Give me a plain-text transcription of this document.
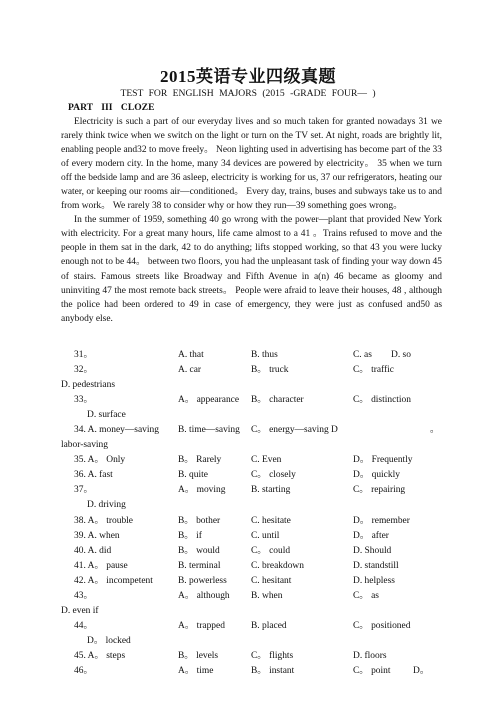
2015英语专业四级真题
TEST FOR ENGLISH MAJORS (2015 -GRADE FOUR— )
PART III CLOZE

Electricity is such a part of our everyday lives and so much taken for granted nowadays 31 we rarely think twice when we switch on the light or turn on the TV set. At night, roads are brightly lit, enabling people and32 to move freely。 Neon lighting used in advertising has become part of the 33 of every modern city. In the home, many 34 devices are powered by electricity。 35 when we turn off the bedside lamp and are 36 asleep, electricity is working for us, 37 our refrigerators, heating our water, or keeping our rooms air—conditioned。 Every day, trains, buses and subways take us to and from work。 We rarely 38 to consider why or how they run—39 something goes wrong。

In the summer of 1959, something 40 go wrong with the power—plant that provided New York with electricity. For a great many hours, life came almost to a 41 。Trains refused to move and the people in them sat in the dark, 42 to do anything; lifts stopped working, so that 43 you were lucky enough not to be 44。 between two floors, you had the unpleasant task of finding your way down 45 of stairs. Famous streets like Broadway and Fifth Avenue in a(n) 46 became as gloomy and uninviting 47 the most remote back streets。 People were afraid to leave their houses, 48 , although the police had been ordered to 49 in case of emergency, they were just as confused and50 as anybody else.

31。	A. that	B. thus	C. as D. so
32。	A. car	B。 truck	C。 traffic
D. pedestrians
33。	A。 appearance B。 character	C。 distinction
D. surface
34. A. money—saving B. time—saving C。 energy—saving D	。
labor-saving
35. A。 Only	B。 Rarely	C. Even	D。 Frequently
36. A. fast	B. quite	C。 closely	D。 quickly
37。	A。 moving	B. starting	C。 repairing
D. driving
38. A。 trouble	B。 bother	C. hesitate	D。 remember
39. A. when	B。 if	C. until	D。 after
40. A. did	B。 would	C。 could	D. Should
41. A。 pause	B. terminal	C. breakdown	D. standstill
42. A。 incompetent	B. powerless	C. hesitant	D. helpless
43。	A。 although B. when	C。 as
D. even if
44。	A。 trapped	B. placed	C。 positioned
D。 locked
45. A。 steps	B。 levels	C。 flights	D. floors
46。	A。 time	B。 instant	C。 point D。
